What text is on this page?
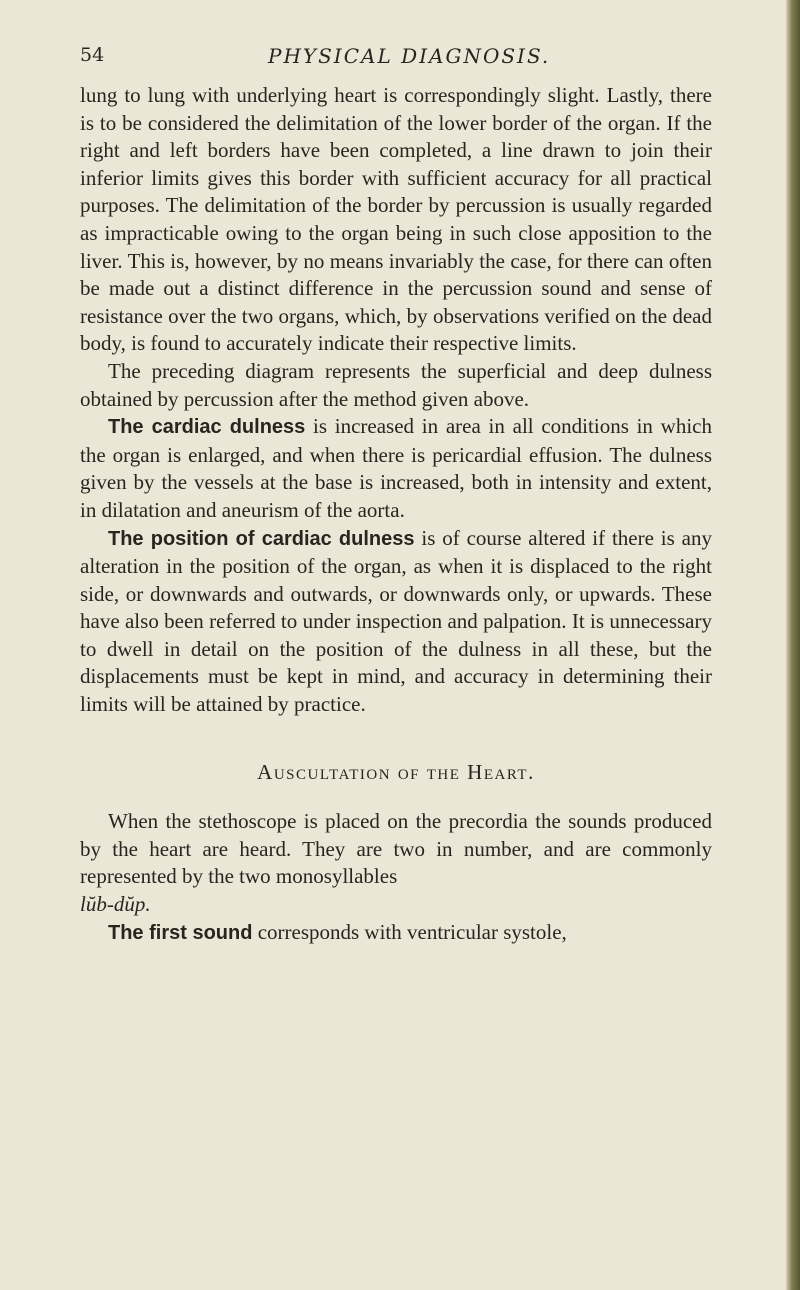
54	PHYSICAL DIAGNOSIS.

lung to lung with underlying heart is correspondingly slight. Lastly, there is to be considered the delimitation of the lower border of the organ. If the right and left borders have been completed, a line drawn to join their inferior limits gives this border with sufficient accuracy for all practical purposes. The delimitation of the border by percussion is usually regarded as impracticable owing to the organ being in such close apposition to the liver. This is, however, by no means invariably the case, for there can often be made out a distinct difference in the percussion sound and sense of resistance over the two organs, which, by observations verified on the dead body, is found to accurately indicate their respective limits.

The preceding diagram represents the superficial and deep dulness obtained by percussion after the method given above.

The cardiac dulness is increased in area in all conditions in which the organ is enlarged, and when there is pericardial effusion. The dulness given by the vessels at the base is increased, both in intensity and extent, in dilatation and aneurism of the aorta.

The position of cardiac dulness is of course altered if there is any alteration in the position of the organ, as when it is displaced to the right side, or downwards and outwards, or downwards only, or upwards. These have also been referred to under inspection and palpation. It is unnecessary to dwell in detail on the position of the dulness in all these, but the displacements must be kept in mind, and accuracy in determining their limits will be attained by practice.

Auscultation of the Heart.

When the stethoscope is placed on the precordia the sounds produced by the heart are heard. They are two in number, and are commonly represented by the two monosyllables

lŭb-dŭp.

The first sound corresponds with ventricular systole,
